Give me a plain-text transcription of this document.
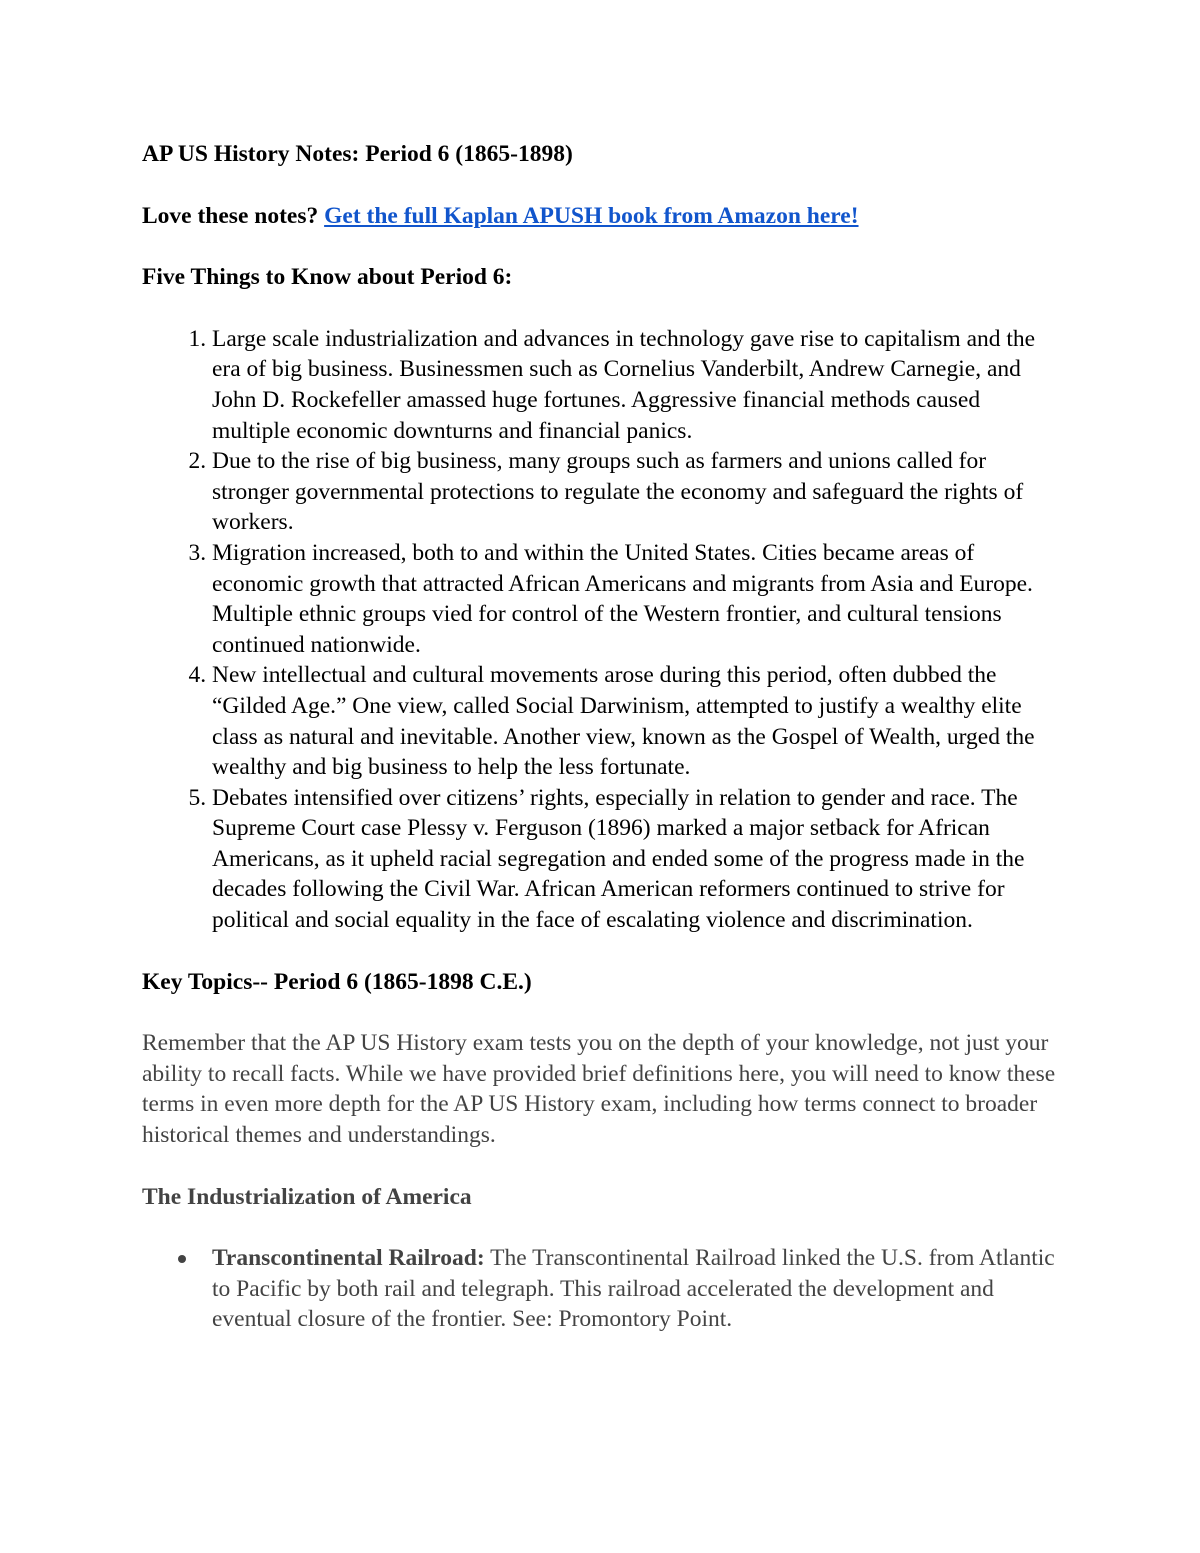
AP US History Notes: Period 6 (1865-1898)
Love these notes? Get the full Kaplan APUSH book from Amazon here!
Five Things to Know about Period 6:
1. Large scale industrialization and advances in technology gave rise to capitalism and the era of big business. Businessmen such as Cornelius Vanderbilt, Andrew Carnegie, and John D. Rockefeller amassed huge fortunes. Aggressive financial methods caused multiple economic downturns and financial panics.
2. Due to the rise of big business, many groups such as farmers and unions called for stronger governmental protections to regulate the economy and safeguard the rights of workers.
3. Migration increased, both to and within the United States. Cities became areas of economic growth that attracted African Americans and migrants from Asia and Europe. Multiple ethnic groups vied for control of the Western frontier, and cultural tensions continued nationwide.
4. New intellectual and cultural movements arose during this period, often dubbed the “Gilded Age.” One view, called Social Darwinism, attempted to justify a wealthy elite class as natural and inevitable. Another view, known as the Gospel of Wealth, urged the wealthy and big business to help the less fortunate.
5. Debates intensified over citizens’ rights, especially in relation to gender and race. The Supreme Court case Plessy v. Ferguson (1896) marked a major setback for African Americans, as it upheld racial segregation and ended some of the progress made in the decades following the Civil War. African American reformers continued to strive for political and social equality in the face of escalating violence and discrimination.
Key Topics-- Period 6 (1865-1898 C.E.)

Remember that the AP US History exam tests you on the depth of your knowledge, not just your ability to recall facts. While we have provided brief definitions here, you will need to know these terms in even more depth for the AP US History exam, including how terms connect to broader historical themes and understandings.

The Industrialization of America
Transcontinental Railroad: The Transcontinental Railroad linked the U.S. from Atlantic to Pacific by both rail and telegraph. This railroad accelerated the development and eventual closure of the frontier. See: Promontory Point.
